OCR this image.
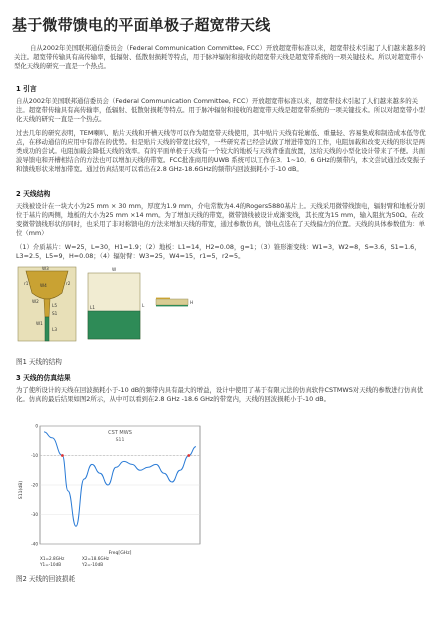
基于微带馈电的平面单极子超宽带天线

自从2002年美国联邦通信委员会（Federal Communication Committee, FCC）开放超宽带标准以来，超宽带技术引起了人们越来越多的关注。超宽带传输具有高传输率，低辐射、低散射损耗等特点，用于脉冲辐射和接收的超宽带天线是超宽带系统的一项关键技术。所以对超宽带小型化天线的研究一直是一个热点。

1 引言

自从2002年美国联邦通信委员会（Federal Communication Committee, FCC）开放超宽带标准以来，超宽带技术引起了人们越来越多的关注。超宽带传输具有高传输率，低辐射、低散射损耗等特点。用于脉冲辐射和接收的超宽带天线是超宽带系统的一项关键技术。所以对超宽带小型化天线的研究一直是一个热点。

过去几年的研究表明，TEM喇叭、贴片天线和开槽天线等可以作为超宽带天线使用，其中贴片天线有轮廓低、重量轻、容易集成和制造成本低等优点，在移动通信的应用中有潜在的优势。但是贴片天线的带宽比较窄，一些研究者已经尝试做了增进带宽的工作，电阻加载和改变天线的形状是两类成功的尝试。电阻加载会降低天线的效率。有的平面单极子天线有一个较大的地板与天线背垂直放置，这给天线的小型化设计带来了不便。共面波导馈电和开槽相结合的方法也可以增加天线的带宽。FCC批准商用的UWB 系统可以工作在3．1~10．6 GHz的频带内，本文尝试通过改变振子和馈线形状来增加带宽。通过仿真结果可以看出在2.8 GHz-18.6GHz的频带内回波损耗小于-10 dB。

2 天线结构

天线被设计在一块大小为25 mm × 30 mm，厚度为1.9 mm，介电常数为4.4的Rogers5880基片上。天线采用微带线馈电，辐射臂和地板分别位于基片的两侧，地板的大小为25 mm ×14 mm。为了增加天线的带宽，微带馈线被设计成渐变线，其长度为15 mm，输入阻抗为50Ω。在改变微带馈线形状的同时，也采用了非对称馈电的方法来增加天线的带宽，通过参数仿真，馈电点选在了天线偏左的位置。天线的具体参数值为：单位（mm）

（1）介质基片：W=25，L=30，H1=1.9；（2）地板：L1=14，H2=0.08，g=1；（3）锥形渐变线：W1=3，W2=8，S=3.6，S1=1.6，L3=2.5，L5=9，H=0.08；（4）辐射臂：W3=25，W4=15，r1=5，r2=5。

W3
W4
r1	r2
L5
W2
S1
W1
L3
L1
W
L
H
图1 天线的结构
3 天线的仿真结果

为了使所设计的天线在回波损耗小于-10 dB的频带内具有最大的增益，设计中使用了基于有限元法的仿真软件CSTMWS对天线的参数进行仿真优化。仿真的最后结果如图2所示，从中可以看到在2.8 GHz -18.6 GHz的带宽内，天线的回波损耗小于-10 dB。

0
-10
-20
-30
-40
CST MWS
S11
S11(dB)
Freq[GHz]
X1=2.8GHz
Y1=-10dB
X2=18.6GHz
Y2=-10dB
图2 天线的回波损耗
